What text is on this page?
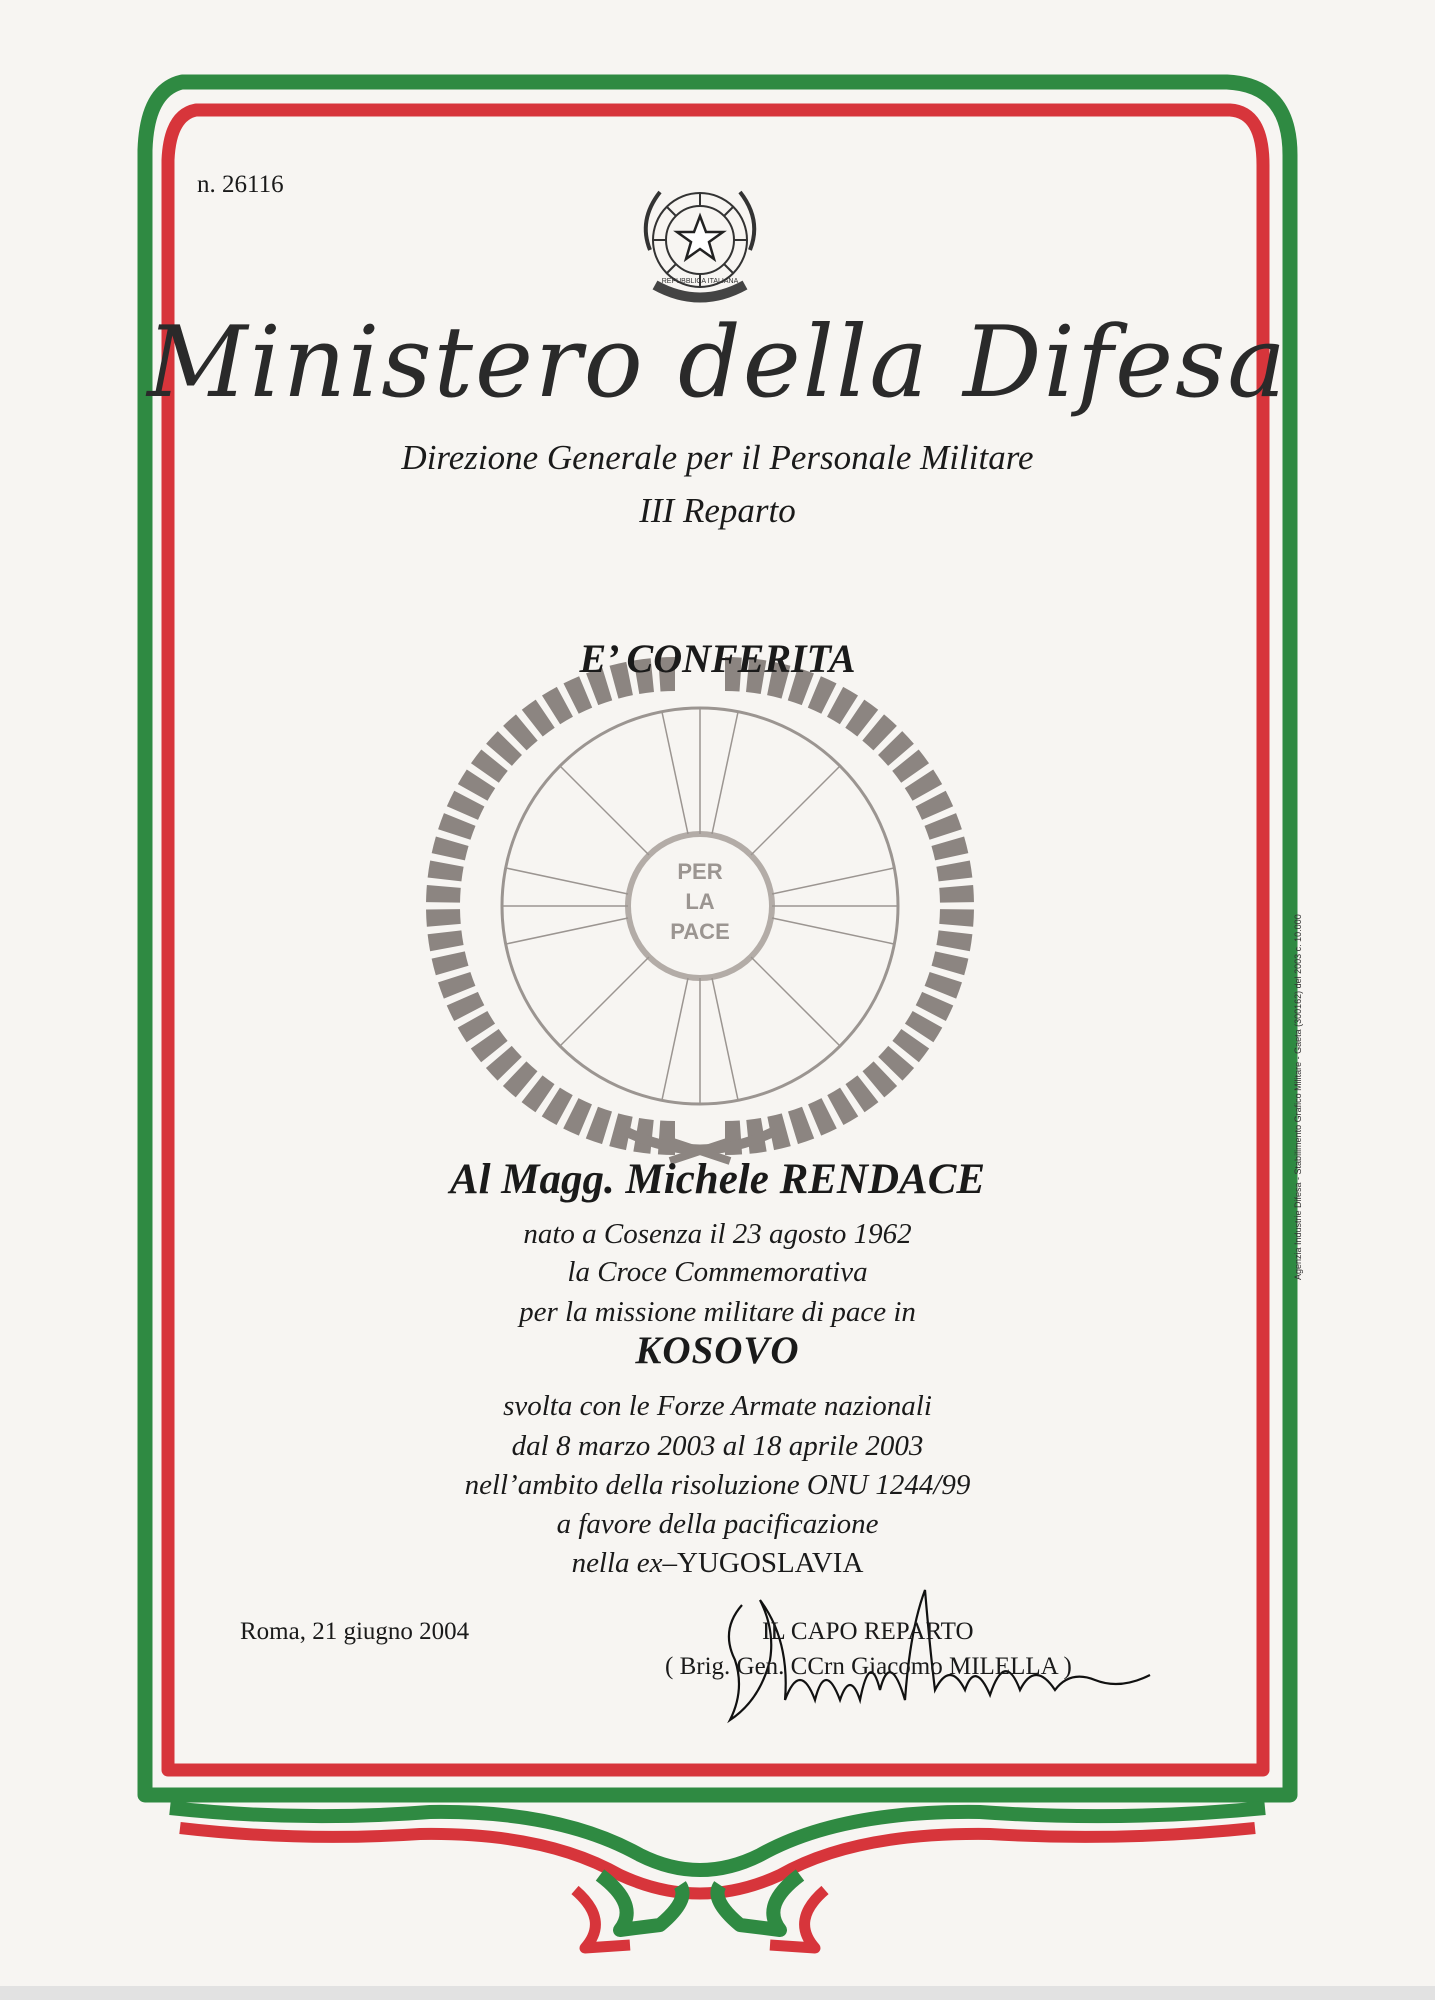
n. 26116
REPUBBLICA ITALIANA
Ministero della Difesa
Direzione Generale per il Personale Militare
III Reparto
E’ CONFERITA
PER
LA
PACE
Al Magg. Michele RENDACE
nato a Cosenza il 23 agosto 1962
la Croce Commemorativa
per la missione militare di pace in
KOSOVO
svolta con le Forze Armate nazionali
dal 8 marzo 2003 al 18 aprile 2003
nell’ambito della risoluzione ONU 1244/99
a favore della pacificazione
nella ex–YUGOSLAVIA
Roma, 21 giugno 2004	IL CAPO REPARTO
( Brig. Gen. CCrn Giacomo MILELLA )
Agenzia Industrie Difesa - Stabilimento Grafico Militare - Gaeta (300162) del 2003 c. 10.000
